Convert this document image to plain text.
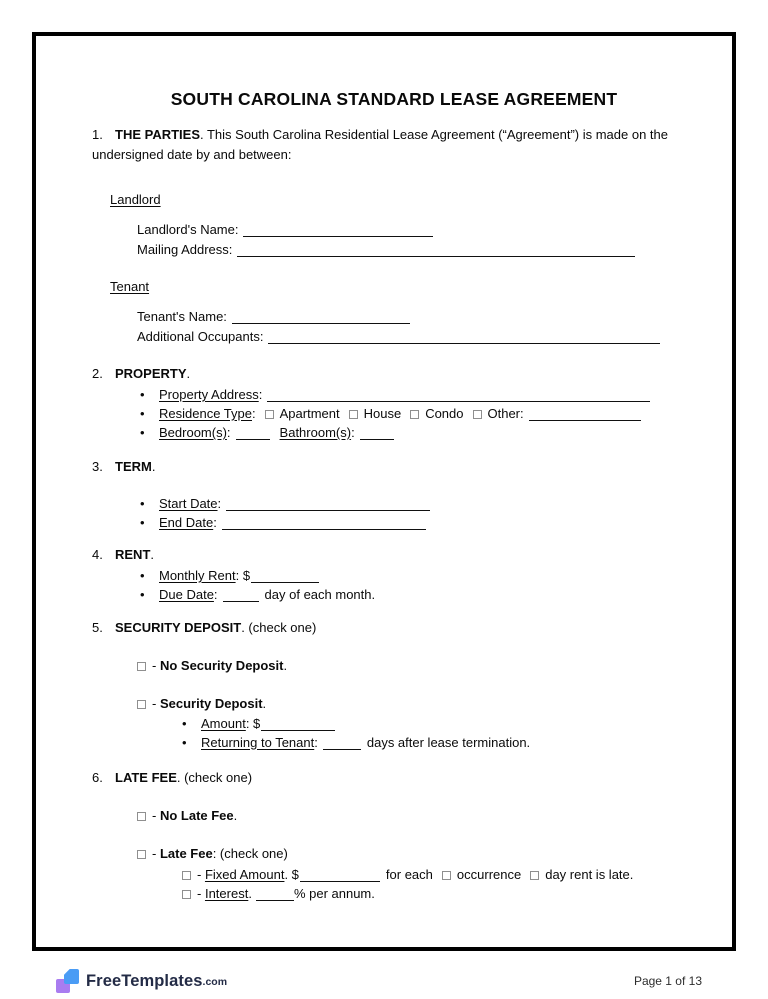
SOUTH CAROLINA STANDARD LEASE AGREEMENT
1. THE PARTIES. This South Carolina Residential Lease Agreement (“Agreement”) is made on the undersigned date by and between:
Landlord
Landlord's Name:
Mailing Address:
Tenant
Tenant's Name:
Additional Occupants:
2. PROPERTY.
•	Property Address:
•	Residence Type: Apartment House Condo Other:
•	Bedroom(s):	Bathroom(s):
3. TERM.
•	Start Date:
•	End Date:
4. RENT.
•	Monthly Rent: $
•	Due Date:	day of each month.
5. SECURITY DEPOSIT. (check one)
- No Security Deposit.
- Security Deposit.
•	Amount: $
•	Returning to Tenant:	days after lease termination.
6. LATE FEE. (check one)
- No Late Fee.
- Late Fee: (check one)
- Fixed Amount. $	for each occurrence day rent is late.
- Interest.	% per annum.
FreeTemplates .com	Page 1 of 13
